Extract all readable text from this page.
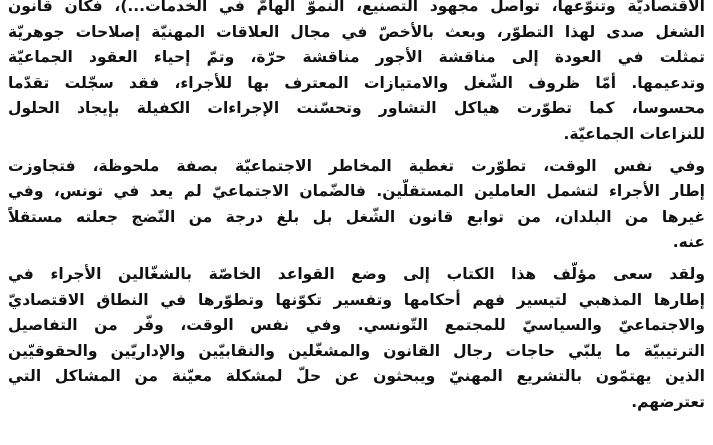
الاقتصاديّة وتنوّعها، تواصل مجهود التصنيع، النموّ الهامّ في الخدمات...)، فكان قانون
الشغل صدى لهذا التطوّر، وبعث بالأخصّ في مجال العلاقات المهنيّة إصلاحات جوهريّة
تمثلت في العودة إلى مناقشة الأجور مناقشة حرّة، وتمّ إحياء العقود الجماعيّة
وتدعيمها. أمّا ظروف الشّغل والامتيازات المعترف بها للأجراء، فقد سجّلت تقدّما
محسوسا، كما تطوّرت هياكل التشاور وتحسّنت الإجراءات الكفيلة بإيجاد الحلول
للنزاعات الجماعيّة.
وفي نفس الوقت، تطوّرت تغطية المخاطر الاجتماعيّة بصفة ملحوظة، فتجاوزت
إطار الأجراء لتشمل العاملين المستقلّين. فالضّمان الاجتماعيّ لم يعد في تونس، وفي
غيرها من البلدان، من توابع قانون الشّغل بل بلغ درجة من النّضج جعلته مستقلاً
عنه.
ولقد سعى مؤلّف هذا الكتاب إلى وضع القواعد الخاصّة بالشغّالين الأجراء في
إطارها المذهبي لتيسير فهم أحكامها وتفسير تكوّنها وتطوّرها في النطاق الاقتصاديّ
والاجتماعيّ والسياسيّ للمجتمع التّونسي. وفي نفس الوقت، وفّر من التفاصيل
الترتيبيّة ما يلبّي حاجات رجال القانون والمشغّلين والنقابيّين والإداريّين والحقوقيّين
الذين يهتمّون بالتشريع المهنيّ ويبحثون عن حلّ لمشكلة معيّنة من المشاكل التي
تعترضهم.
